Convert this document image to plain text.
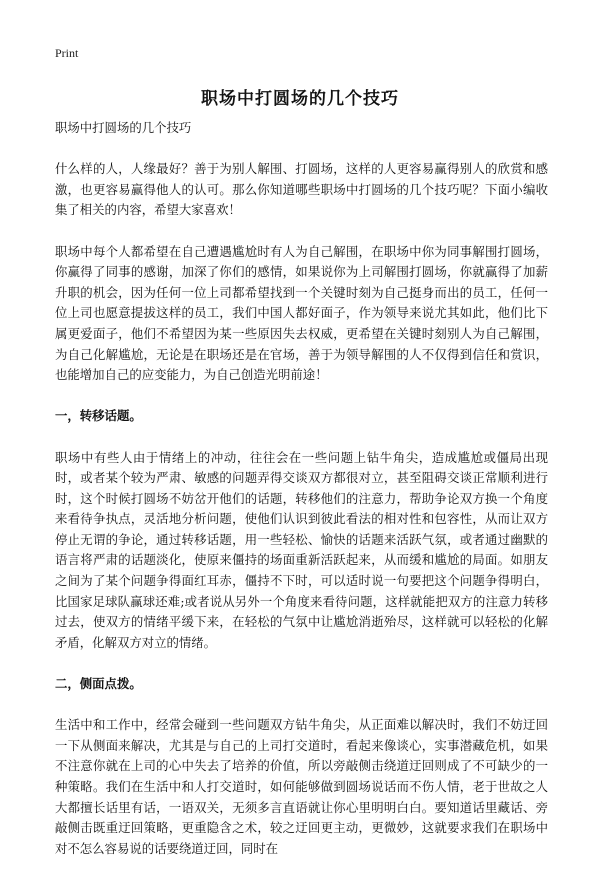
Print
职场中打圆场的几个技巧

职场中打圆场的几个技巧

什么样的人，人缘最好？善于为别人解围、打圆场，这样的人更容易赢得别人的欣赏和感激，也更容易赢得他人的认可。那么你知道哪些职场中打圆场的几个技巧呢？下面小编收集了相关的内容，希望大家喜欢！

职场中每个人都希望在自己遭遇尴尬时有人为自己解围，在职场中你为同事解围打圆场，你赢得了同事的感谢，加深了你们的感情，如果说你为上司解围打圆场，你就赢得了加薪升职的机会，因为任何一位上司都希望找到一个关键时刻为自己挺身而出的员工，任何一位上司也愿意提拔这样的员工，我们中国人都好面子，作为领导来说尤其如此，他们比下属更爱面子，他们不希望因为某一些原因失去权威，更希望在关键时刻别人为自己解围，为自己化解尴尬，无论是在职场还是在官场，善于为领导解围的人不仅得到信任和赏识，也能增加自己的应变能力，为自己创造光明前途！

一，转移话题。

职场中有些人由于情绪上的冲动，往往会在一些问题上钻牛角尖，造成尴尬或僵局出现时，或者某个较为严肃、敏感的问题弄得交谈双方都很对立，甚至阻碍交谈正常顺利进行时，这个时候打圆场不妨岔开他们的话题，转移他们的注意力，帮助争论双方换一个角度来看待争执点，灵活地分析问题，使他们认识到彼此看法的相对性和包容性，从而让双方停止无谓的争论，通过转移话题，用一些轻松、愉快的话题来活跃气氛，或者通过幽默的语言将严肃的话题淡化，使原来僵持的场面重新活跃起来，从而缓和尴尬的局面。如朋友之间为了某个问题争得面红耳赤，僵持不下时，可以适时说一句要把这个问题争得明白，比国家足球队赢球还难;或者说从另外一个角度来看待问题，这样就能把双方的注意力转移过去，使双方的情绪平缓下来，在轻松的气氛中让尴尬消逝殆尽，这样就可以轻松的化解矛盾，化解双方对立的情绪。

二，侧面点拨。

生活中和工作中，经常会碰到一些问题双方钻牛角尖，从正面难以解决时，我们不妨迂回一下从侧面来解决，尤其是与自己的上司打交道时，看起来像谈心，实事潜藏危机，如果不注意你就在上司的心中失去了培养的价值，所以旁敲侧击绕道迂回则成了不可缺少的一种策略。我们在生活中和人打交道时，如何能够做到圆场说话而不伤人情，老于世故之人大都擅长话里有话，一语双关，无须多言直语就让你心里明明白白。要知道话里藏话、旁敲侧击既重迂回策略，更重隐含之术，较之迂回更主动，更微妙，这就要求我们在职场中对不怎么容易说的话要绕道迂回，同时在
